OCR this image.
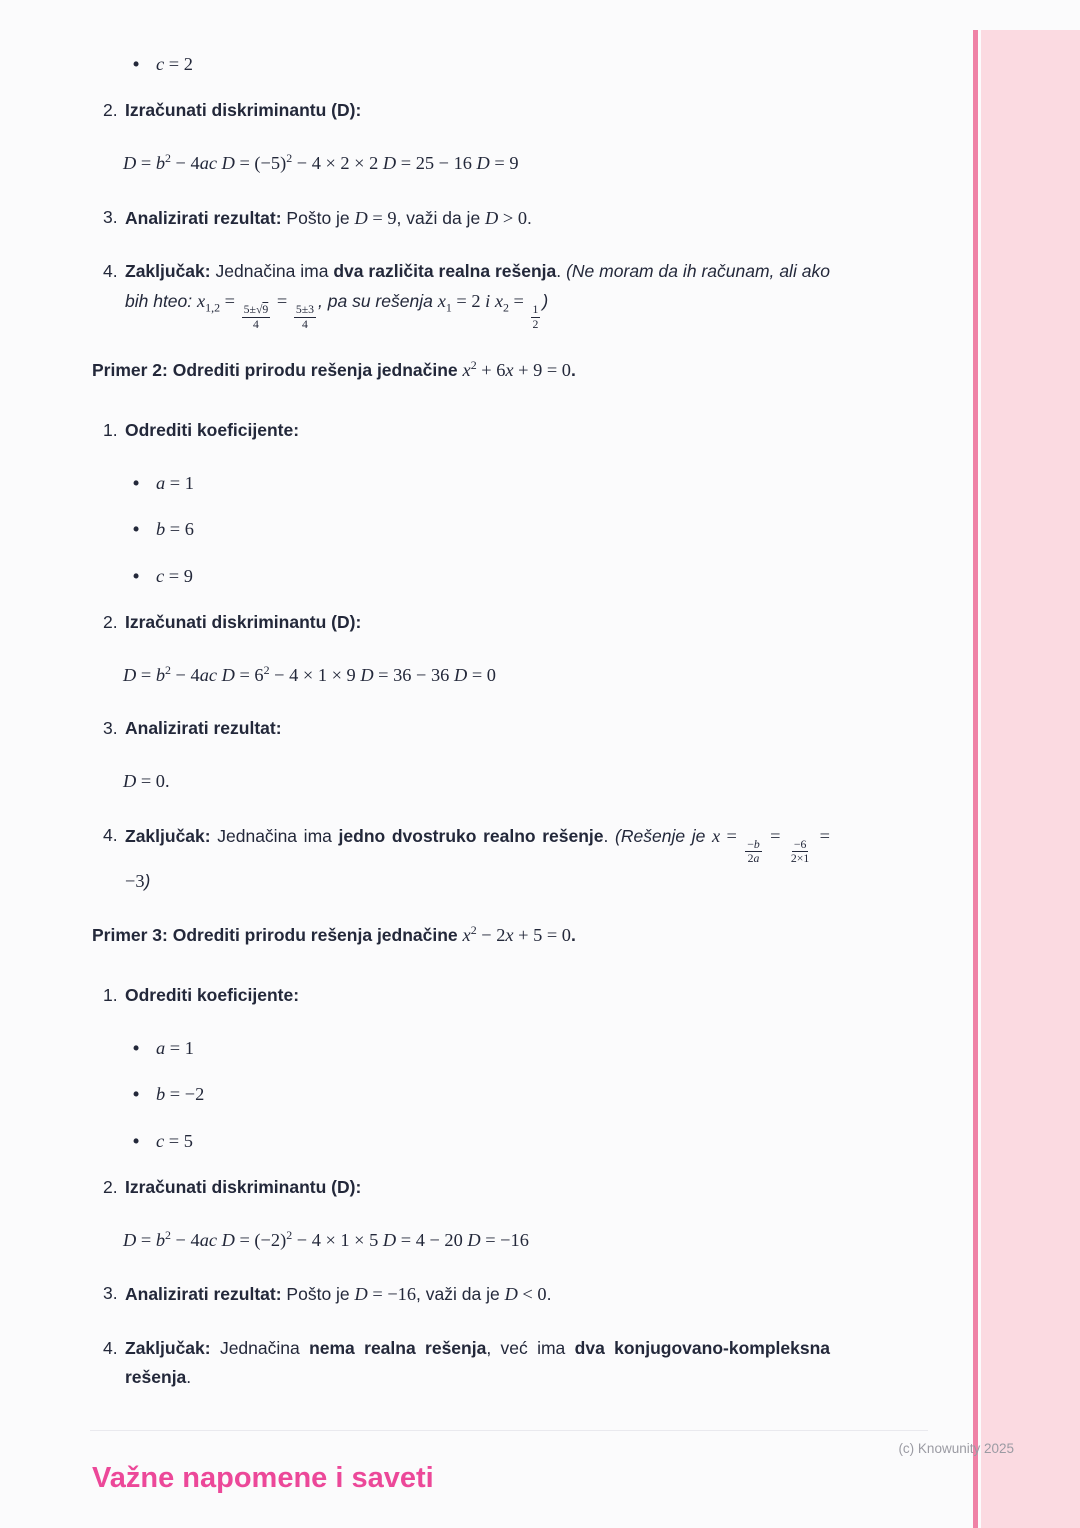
• c = 2
2. Izračunati diskriminantu (D):
$D = b^2 - 4ac$ $D = (-5)^2 - 4 \times 2 \times 2$ D = 25 − 16 D = 9
3. Analizirati rezultat: Pošto je D = 9, važi da je D > 0.
4. Zaključak: Jednačina ima dva različita realna rešenja. (Ne moram da ih računam, ali ako bih hteo: $x_{1,2}$ =
$\frac{5\pm√9}{4}$
=
$\frac{5\pm 3}{4}$
, pa su rešenja $x_1 = 2$ i $x_2$ =
$\frac{1}{2}$
)
Primer 2: Odrediti prirodu rešenja jednačine $x^2 + 6x + 9 = 0$.
1. Odrediti koeficijente:
• a = 1
• b = 6
• c = 9
2. Izračunati diskriminantu (D):
$D = b^2 - 4ac$ $D = 6^2 - 4 \times 1 \times 9$ D = 36 − 36 D = 0
3. Analizirati rezultat:
D = 0.
4. Zaključak: Jednačina ima jedno dvostruko realno rešenje. (Rešenje je x =
$\frac{-b}{2a}$
=
$\frac{-6}{2\times 1}$
= −3)
Primer 3: Odrediti prirodu rešenja jednačine $x^2 - 2x + 5 = 0$.
1. Odrediti koeficijente:
• a = 1
• b = −2
• c = 5
2. Izračunati diskriminantu (D):
$D = b^2 - 4ac$ $D = (-2)^2 - 4 \times 1 \times 5$ D = 4 − 20 D = −16
3. Analizirati rezultat: Pošto je D = −16, važi da je D < 0.
4. Zaključak: Jednačina nema realna rešenja, već ima dva konjugovano-kompleksna rešenja.
Važne napomene i saveti
(c) Knowunity 2025
